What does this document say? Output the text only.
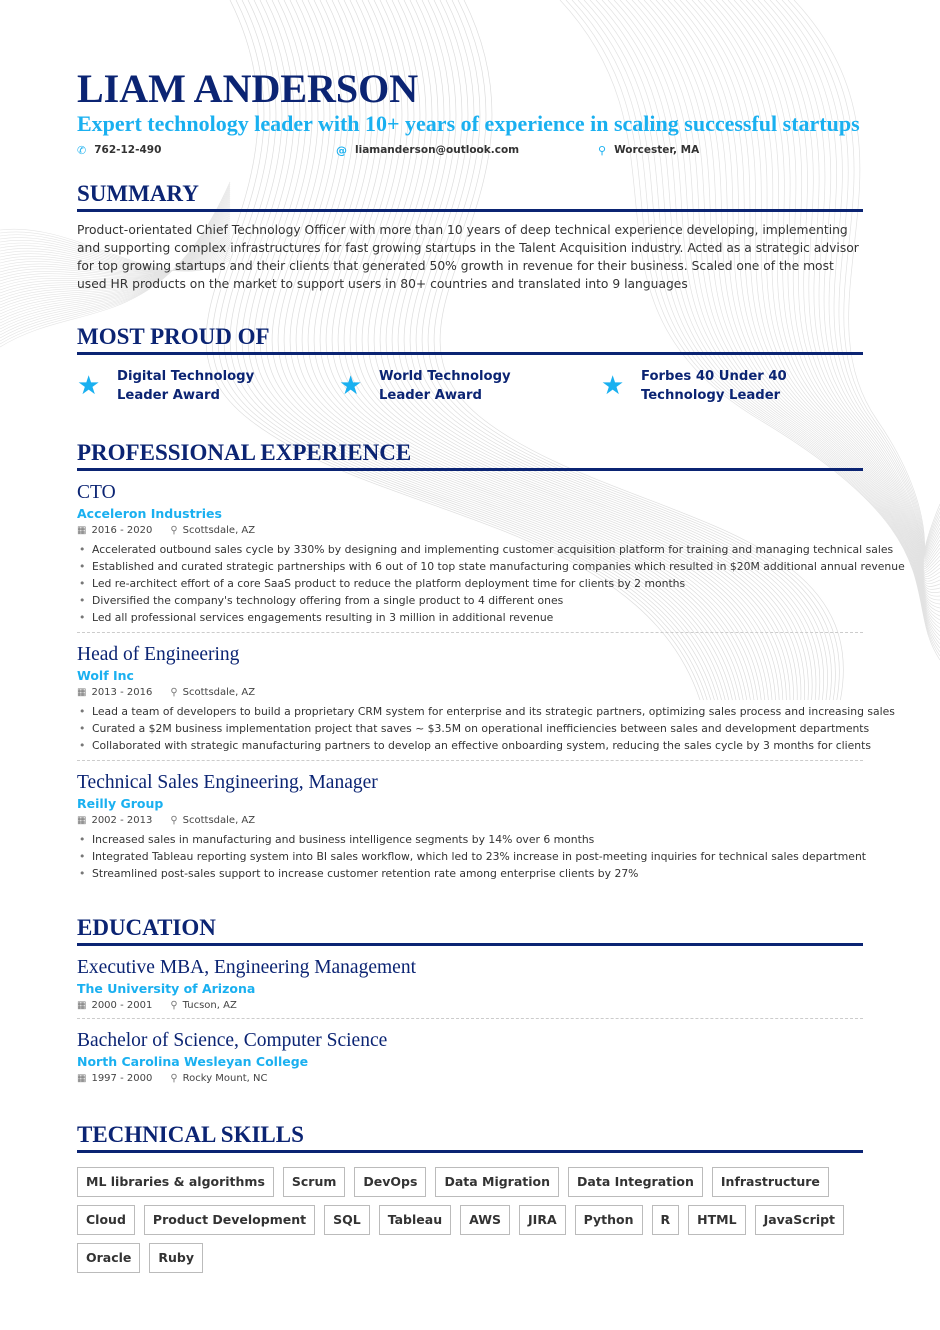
LIAM ANDERSON
Expert technology leader with 10+ years of experience in scaling successful startups
✆ 762-12-490	@ liamanderson@outlook.com	⚲ Worcester, MA
SUMMARY

Product-orientated Chief Technology Officer with more than 10 years of deep technical experience developing, implementing and supporting complex infrastructures for fast growing startups in the Talent Acquisition industry. Acted as a strategic advisor for top growing startups and their clients that generated 50% growth in revenue for their business. Scaled one of the most used HR products on the market to support users in 80+ countries and translated into 9 languages

MOST PROUD OF
★ Digital Technology Leader Award	★ World Technology Leader Award	★ Forbes 40 Under 40 Technology Leader
PROFESSIONAL EXPERIENCE
CTO
Acceleron Industries
▦ 2016 - 2020 ⚲ Scottsdale, AZ
• Accelerated outbound sales cycle by 330% by designing and implementing customer acquisition platform for training and managing technical sales
• Established and curated strategic partnerships with 6 out of 10 top state manufacturing companies which resulted in $20M additional annual revenue
• Led re-architect effort of a core SaaS product to reduce the platform deployment time for clients by 2 months
• Diversified the company's technology offering from a single product to 4 different ones
• Led all professional services engagements resulting in 3 million in additional revenue
Head of Engineering
Wolf Inc
▦ 2013 - 2016 ⚲ Scottsdale, AZ
• Lead a team of developers to build a proprietary CRM system for enterprise and its strategic partners, optimizing sales process and increasing sales
• Curated a $2M business implementation project that saves ~ $3.5M on operational inefficiencies between sales and development departments
• Collaborated with strategic manufacturing partners to develop an effective onboarding system, reducing the sales cycle by 3 months for clients
Technical Sales Engineering, Manager
Reilly Group
▦ 2002 - 2013 ⚲ Scottsdale, AZ
• Increased sales in manufacturing and business intelligence segments by 14% over 6 months
• Integrated Tableau reporting system into BI sales workflow, which led to 23% increase in post-meeting inquiries for technical sales department
• Streamlined post-sales support to increase customer retention rate among enterprise clients by 27%
EDUCATION
Executive MBA, Engineering Management
The University of Arizona
▦ 2000 - 2001 ⚲ Tucson, AZ
Bachelor of Science, Computer Science
North Carolina Wesleyan College
▦ 1997 - 2000 ⚲ Rocky Mount, NC
TECHNICAL SKILLS
ML libraries & algorithms	Scrum	DevOps	Data Migration	Data Integration	Infrastructure
Cloud	Product Development	SQL	Tableau	AWS	JIRA	Python	R	HTML	JavaScript
Oracle	Ruby
